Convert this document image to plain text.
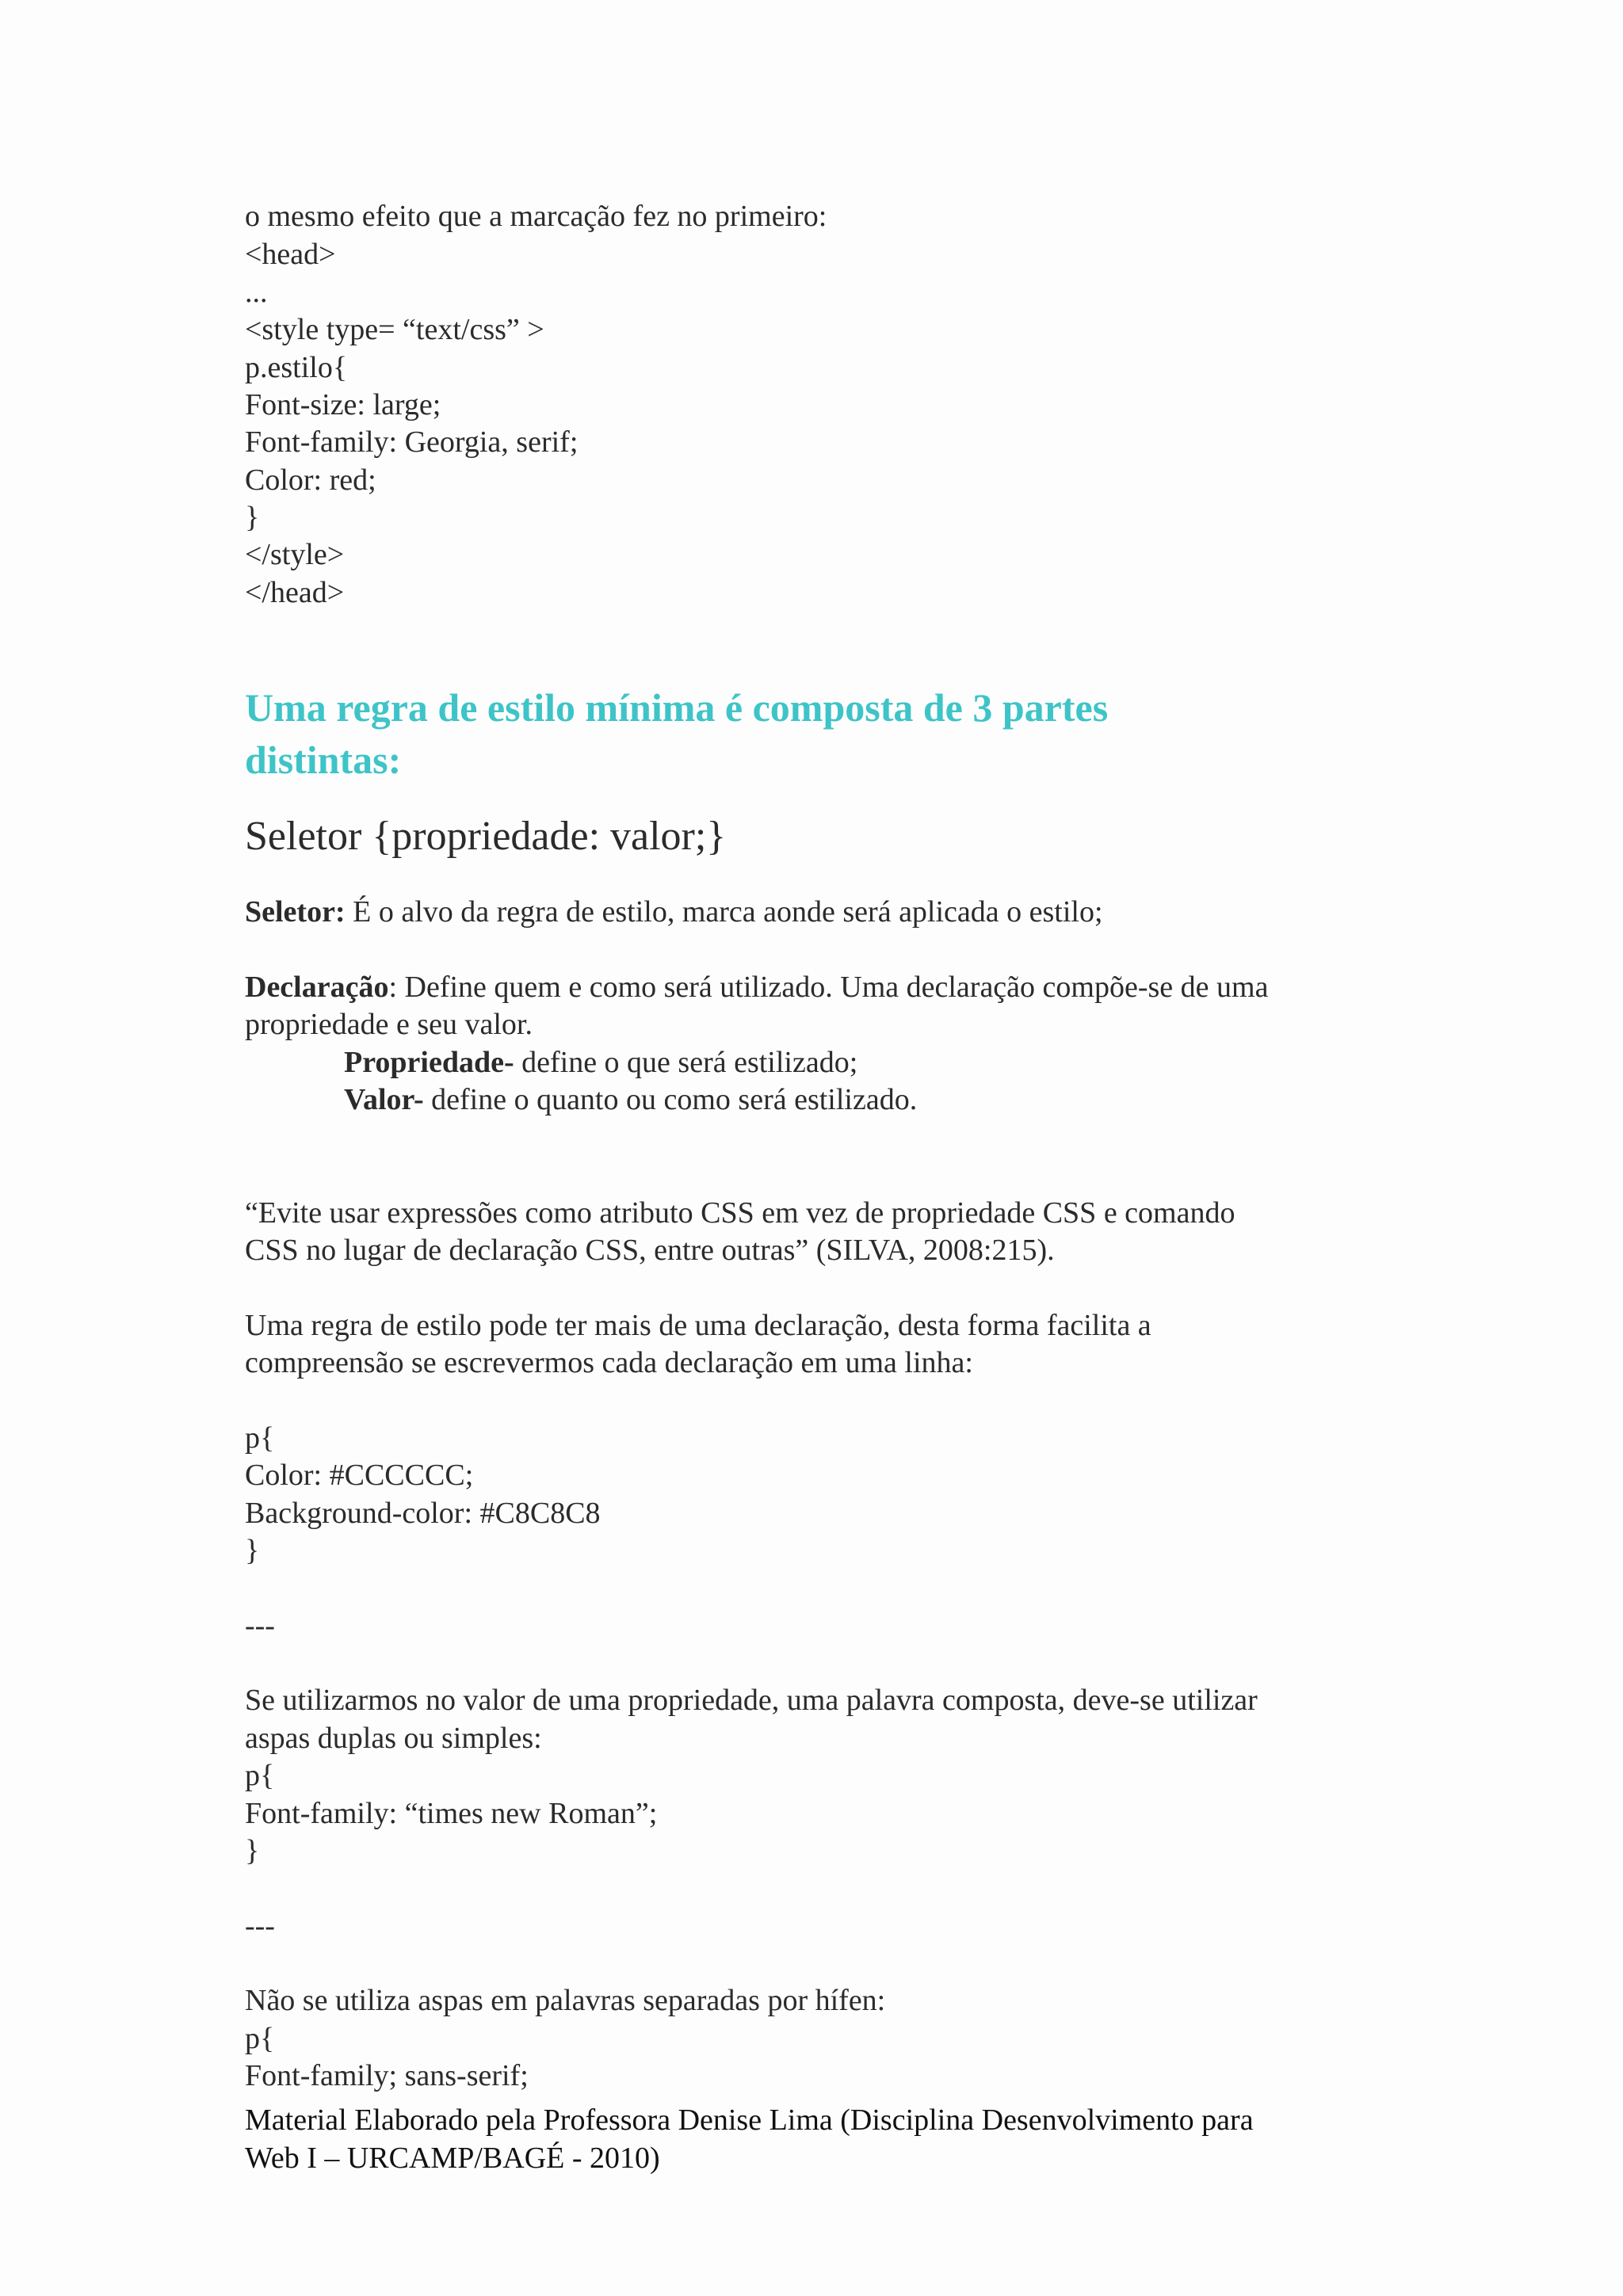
o mesmo efeito que a marcação fez no primeiro:
<head>
...
<style type= “text/css” >
p.estilo{
Font-size: large;
Font-family: Georgia, serif;
Color: red;
}
</style>
</head>
Uma regra de estilo mínima é composta de 3 partes
distintas:
Seletor {propriedade: valor;}
Seletor: É o alvo da regra de estilo, marca aonde será aplicada o estilo;
Declaração: Define quem e como será utilizado. Uma declaração compõe-se de uma
propriedade e seu valor.
Propriedade- define o que será estilizado;
Valor- define o quanto ou como será estilizado.
“Evite usar expressões como atributo CSS em vez de propriedade CSS e comando
CSS no lugar de declaração CSS, entre outras” (SILVA, 2008:215).
Uma regra de estilo pode ter mais de uma declaração, desta forma facilita a
compreensão se escrevermos cada declaração em uma linha:
p{
Color: #CCCCCC;
Background-color: #C8C8C8
}
---
Se utilizarmos no valor de uma propriedade, uma palavra composta, deve-se utilizar
aspas duplas ou simples:
p{
Font-family: “times new Roman”;
}
---
Não se utiliza aspas em palavras separadas por hífen:
p{
Font-family; sans-serif;
Material Elaborado pela Professora Denise Lima (Disciplina Desenvolvimento para
Web I – URCAMP/BAGÉ - 2010)
